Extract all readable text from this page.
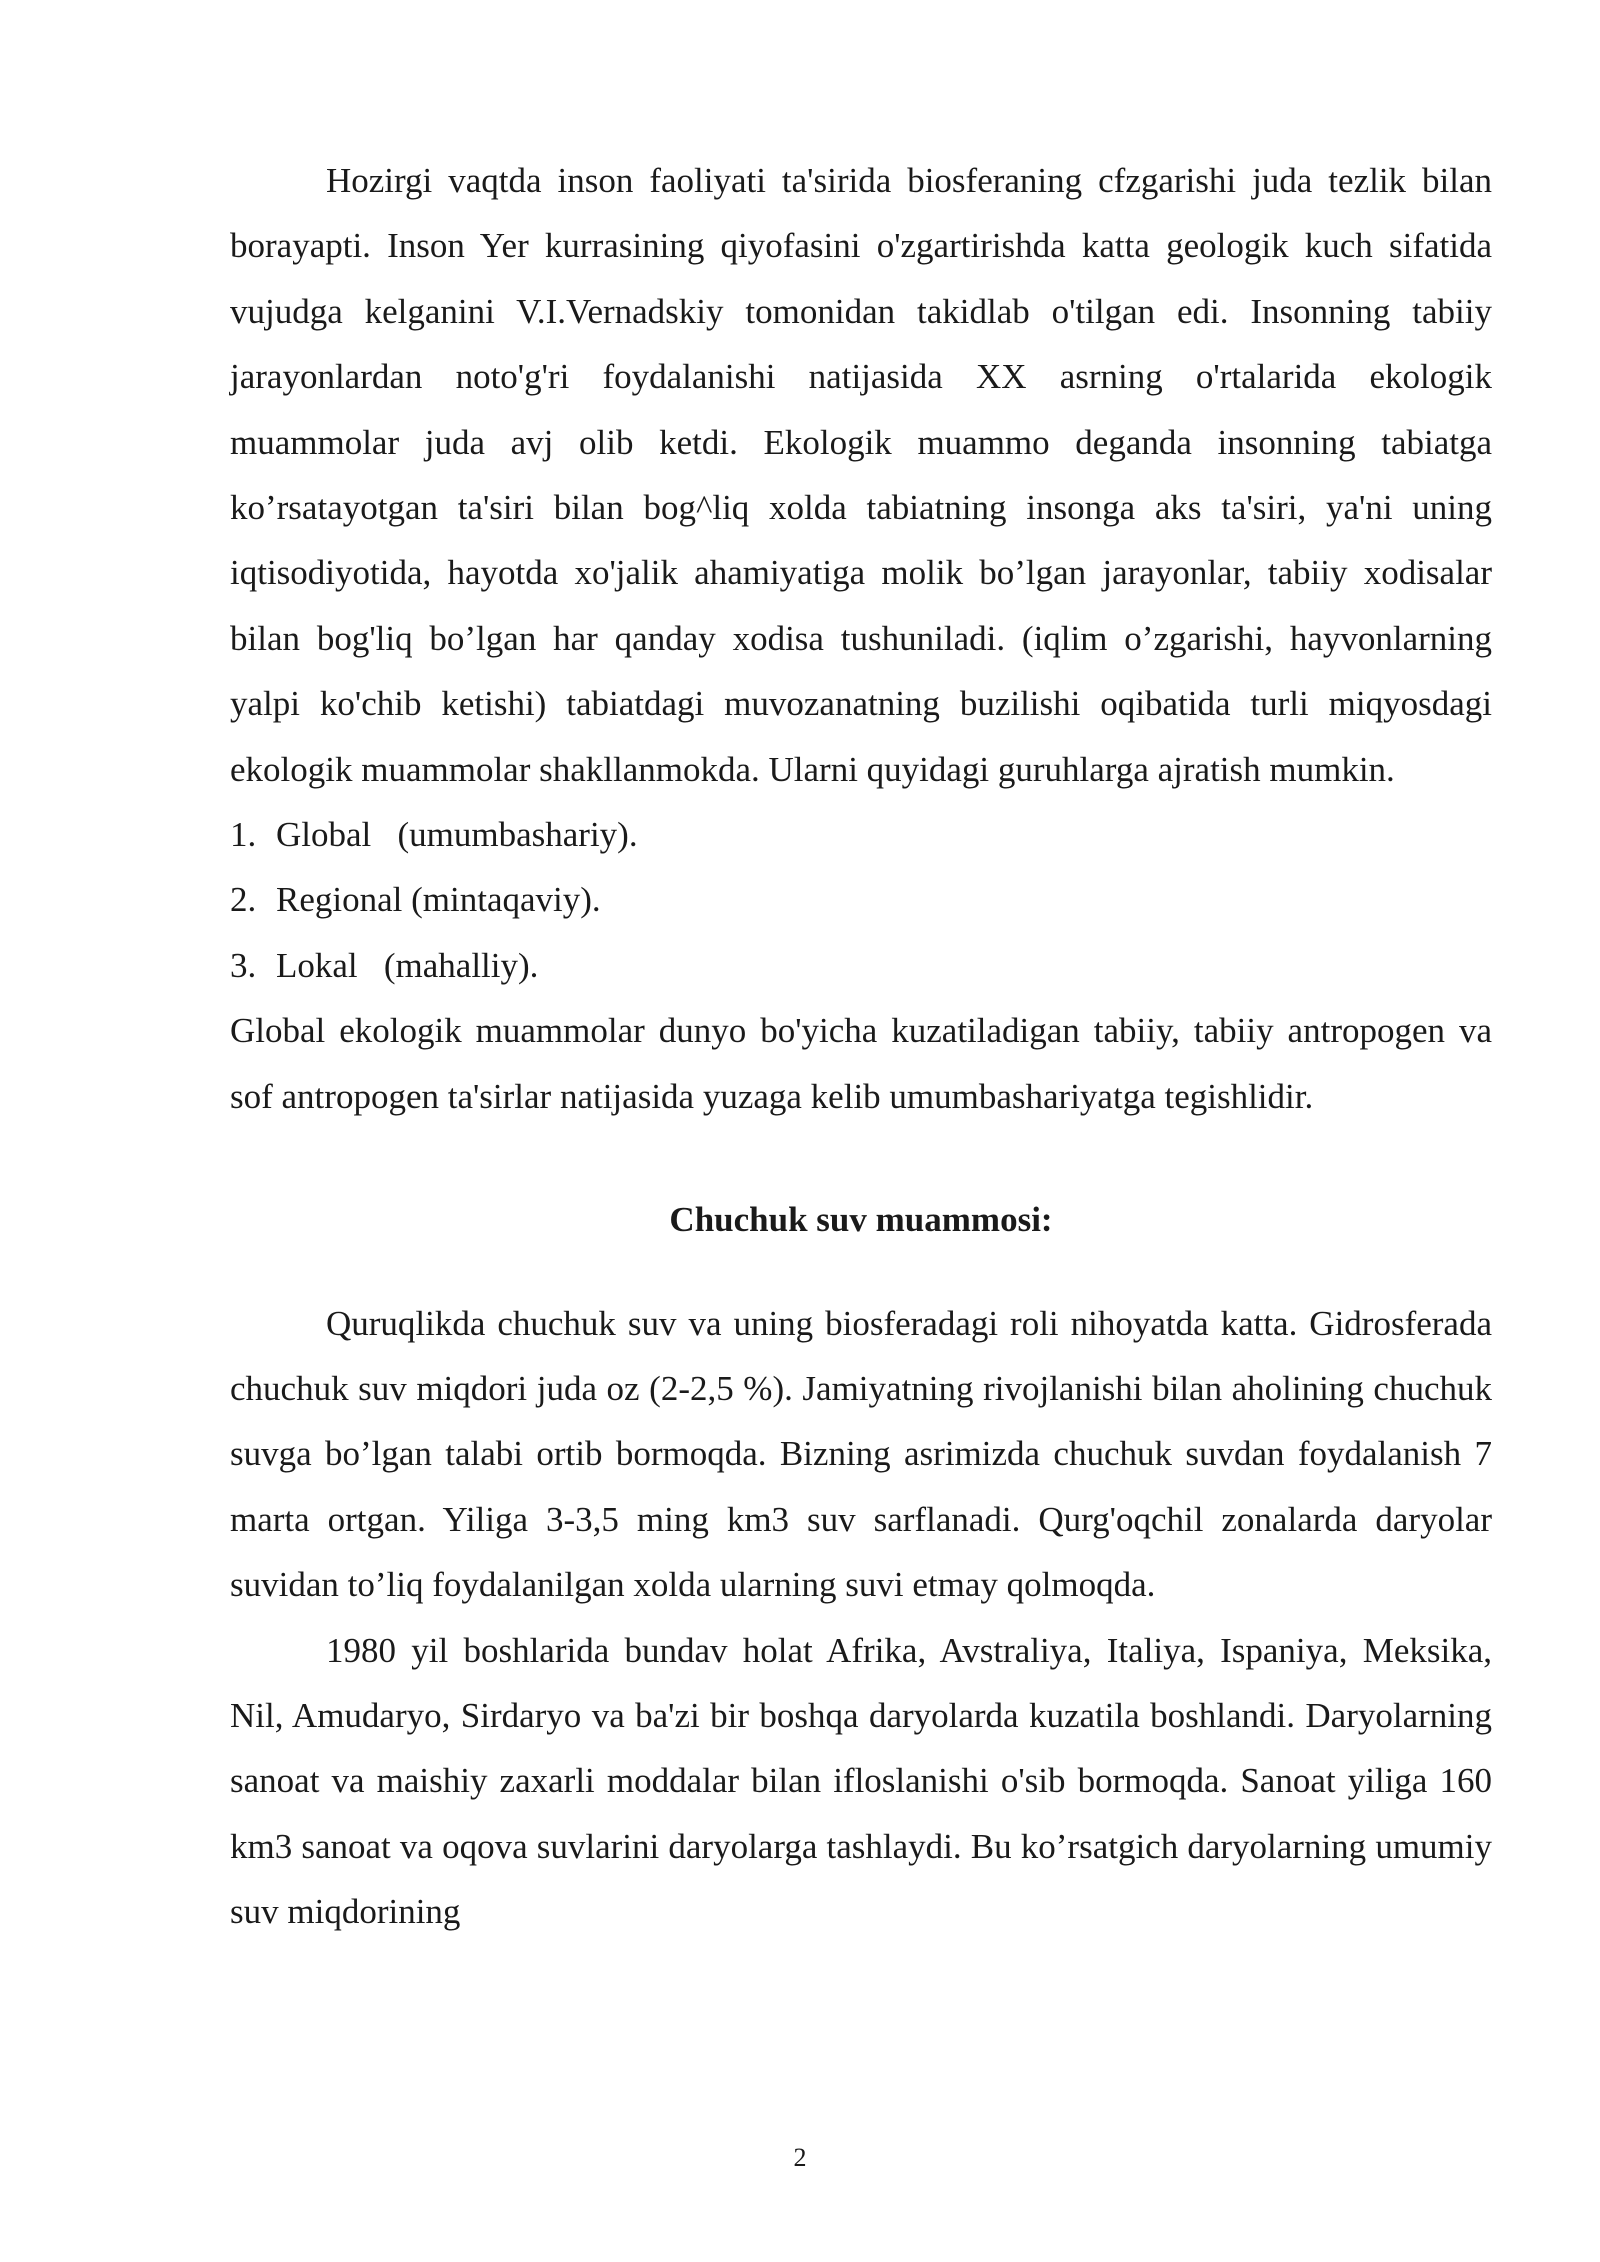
Hozirgi vaqtda inson faoliyati ta'sirida biosferaning cfzgarishi juda tezlik bilan borayapti. Inson Yer kurrasining qiyofasini o'zgartirishda katta geologik kuch sifatida vujudga kelganini V.I.Vernadskiy tomonidan takidlab o'tilgan edi. Insonning tabiiy jarayonlardan noto'g'ri foydalanishi natijasida XX asrning o'rtalarida ekologik muammolar juda avj olib ketdi. Ekologik muammo deganda insonning tabiatga ko’rsatayotgan ta'siri bilan bog^liq xolda tabiatning insonga aks ta'siri, ya'ni uning iqtisodiyotida, hayotda xo'jalik ahamiyatiga molik bo’lgan jarayonlar, tabiiy xodisalar bilan bog'liq bo’lgan har qanday xodisa tushuniladi. (iqlim o’zgarishi, hayvonlarning yalpi ko'chib ketishi) tabiatdagi muvozanatning buzilishi oqibatida turli miqyosdagi ekologik muammolar shakllanmokda. Ularni quyidagi guruhlarga ajratish mumkin.

1. Global   (umumbashariy).

2. Regional (mintaqaviy).

3. Lokal   (mahalliy).

Global ekologik muammolar dunyo bo'yicha kuzatiladigan tabiiy, tabiiy antropogen va sof antropogen ta'sirlar natijasida yuzaga kelib umumbashariyatga tegishlidir.

Chuchuk suv muammosi:

Quruqlikda chuchuk suv va uning biosferadagi roli nihoyatda katta. Gidrosferada chuchuk suv miqdori juda oz (2-2,5 %). Jamiyatning rivojlanishi bilan aholining chuchuk suvga bo’lgan talabi ortib bormoqda. Bizning asrimizda chuchuk suvdan foydalanish 7 marta ortgan. Yiliga 3-3,5 ming km3 suv sarflanadi. Qurg'oqchil zonalarda daryolar suvidan to’liq foydalanilgan xolda ularning suvi etmay qolmoqda.

1980 yil boshlarida bundav holat Afrika, Avstraliya, Italiya, Ispaniya, Meksika, Nil, Amudaryo, Sirdaryo va ba'zi bir boshqa daryolarda kuzatila boshlandi. Daryolarning sanoat va maishiy zaxarli moddalar bilan ifloslanishi o'sib bormoqda. Sanoat yiliga 160 km3 sanoat va oqova suvlarini daryolarga tashlaydi. Bu ko’rsatgich daryolarning umumiy suv miqdorining

2
